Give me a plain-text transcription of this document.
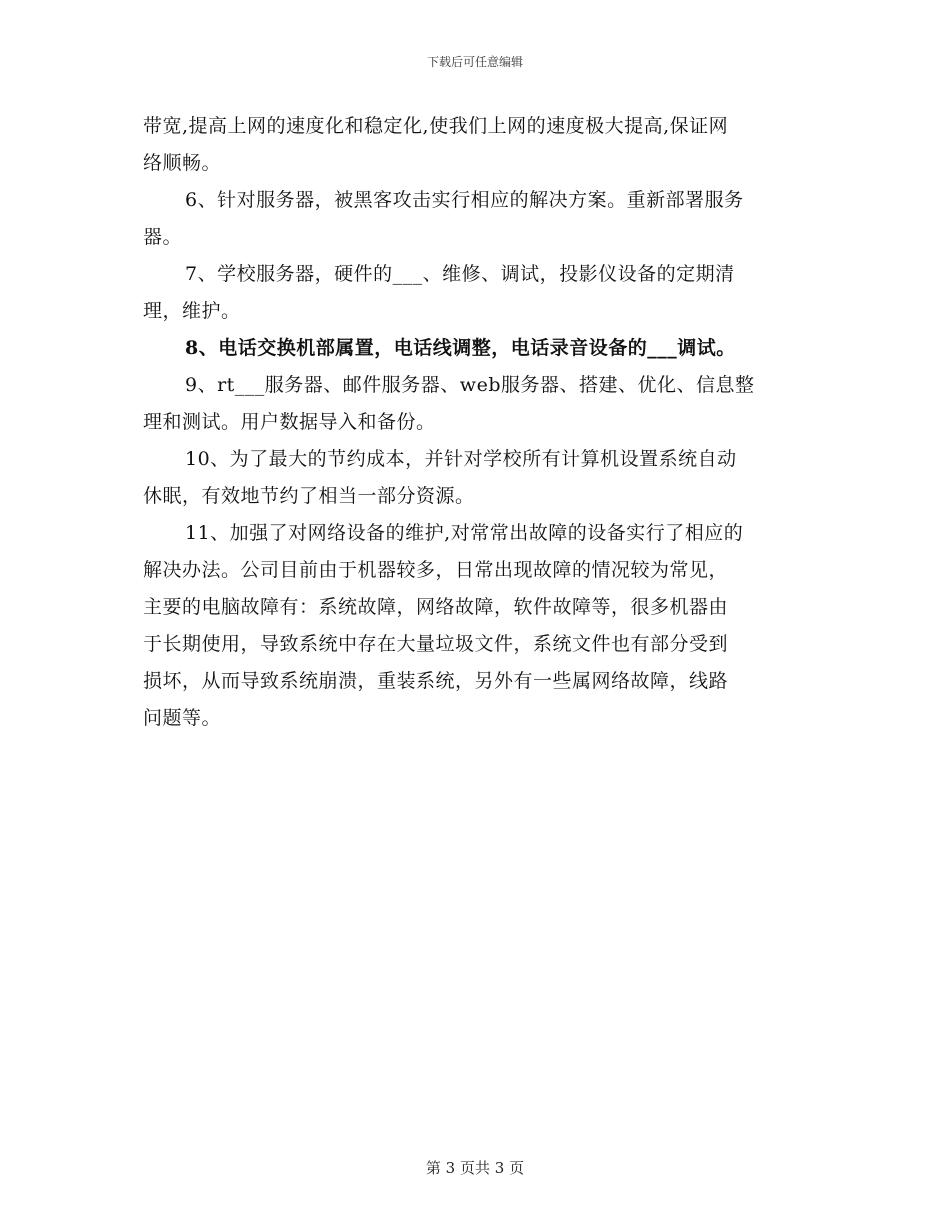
下载后可任意编辑
带宽,提高上网的速度化和稳定化,使我们上网的速度极大提高,保证网
络顺畅。
6、针对服务器，被黑客攻击实行相应的解决方案。重新部署服务
器。
7、学校服务器，硬件的___、维修、调试，投影仪设备的定期清
理，维护。
8、电话交换机部属置，电话线调整，电话录音设备的___调试。
9、rt___服务器、邮件服务器、web服务器、搭建、优化、信息整
理和测试。用户数据导入和备份。
10、为了最大的节约成本，并针对学校所有计算机设置系统自动
休眠，有效地节约了相当一部分资源。
11、加强了对网络设备的维护,对常常出故障的设备实行了相应的
解决办法。公司目前由于机器较多，日常出现故障的情况较为常见，
主要的电脑故障有：系统故障，网络故障，软件故障等，很多机器由
于长期使用，导致系统中存在大量垃圾文件，系统文件也有部分受到
损坏，从而导致系统崩溃，重装系统，另外有一些属网络故障，线路
问题等。
第 3 页共 3 页
